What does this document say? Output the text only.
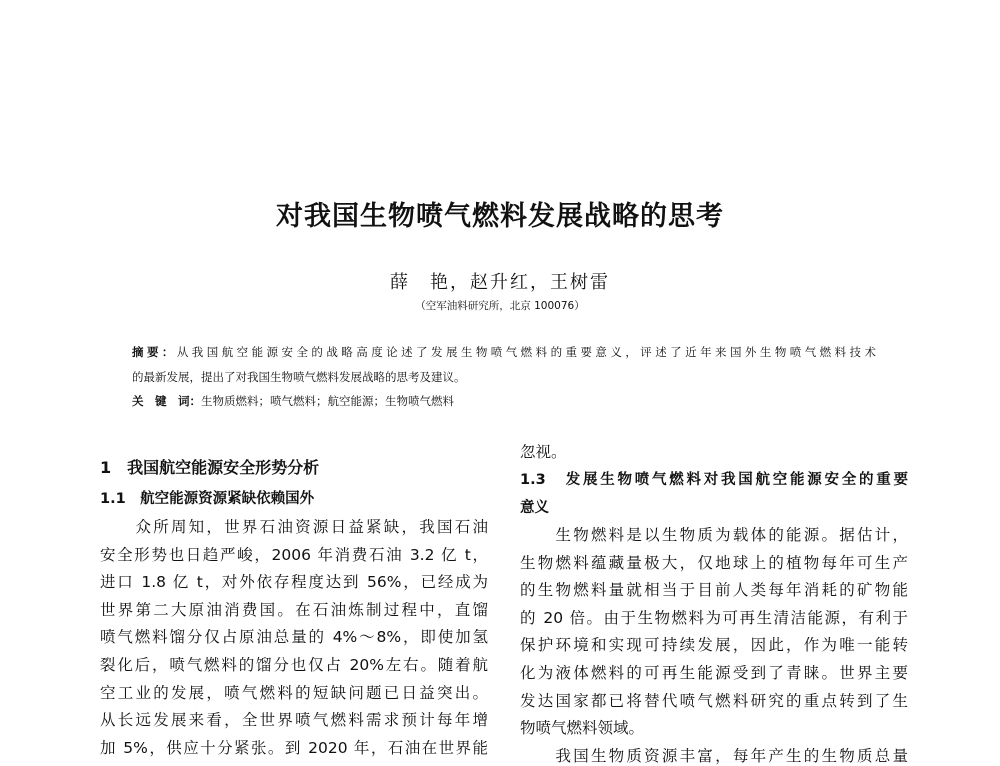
对我国生物喷气燃料发展战略的思考
薛　艳，赵升红，王树雷
（空军油料研究所，北京 100076）
摘要：从我国航空能源安全的战略高度论述了发展生物喷气燃料的重要意义，评述了近年来国外生物喷气燃料技术
的最新发展，提出了对我国生物喷气燃料发展战略的思考及建议。
关　键　词：生物质燃料；喷气燃料；航空能源；生物喷气燃料
1　我国航空能源安全形势分析
1.1　航空能源资源紧缺依赖国外
忽视。
1.3　发展生物喷气燃料对我国航空能源安全的重要
意义
　　众所周知，世界石油资源日益紧缺，我国石油
安全形势也日趋严峻，2006 年消费石油 3.2 亿 t，
进口 1.8 亿 t，对外依存程度达到 56%，已经成为
世界第二大原油消费国。在石油炼制过程中，直馏
喷气燃料馏分仅占原油总量的 4%～8%，即使加氢
裂化后，喷气燃料的馏分也仅占 20%左右。随着航
空工业的发展，喷气燃料的短缺问题已日益突出。
从长远发展来看，全世界喷气燃料需求预计每年增
加 5%，供应十分紧张。到 2020 年，石油在世界能
　　生物燃料是以生物质为载体的能源。据估计，
生物燃料蕴藏量极大，仅地球上的植物每年可生产
的生物燃料量就相当于目前人类每年消耗的矿物能
的 20 倍。由于生物燃料为可再生清洁能源，有利于
保护环境和实现可持续发展，因此，作为唯一能转
化为液体燃料的可再生能源受到了青睐。世界主要
发达国家都已将替代喷气燃料研究的重点转到了生
物喷气燃料领域。
　　我国生物质资源丰富，每年产生的生物质总量
